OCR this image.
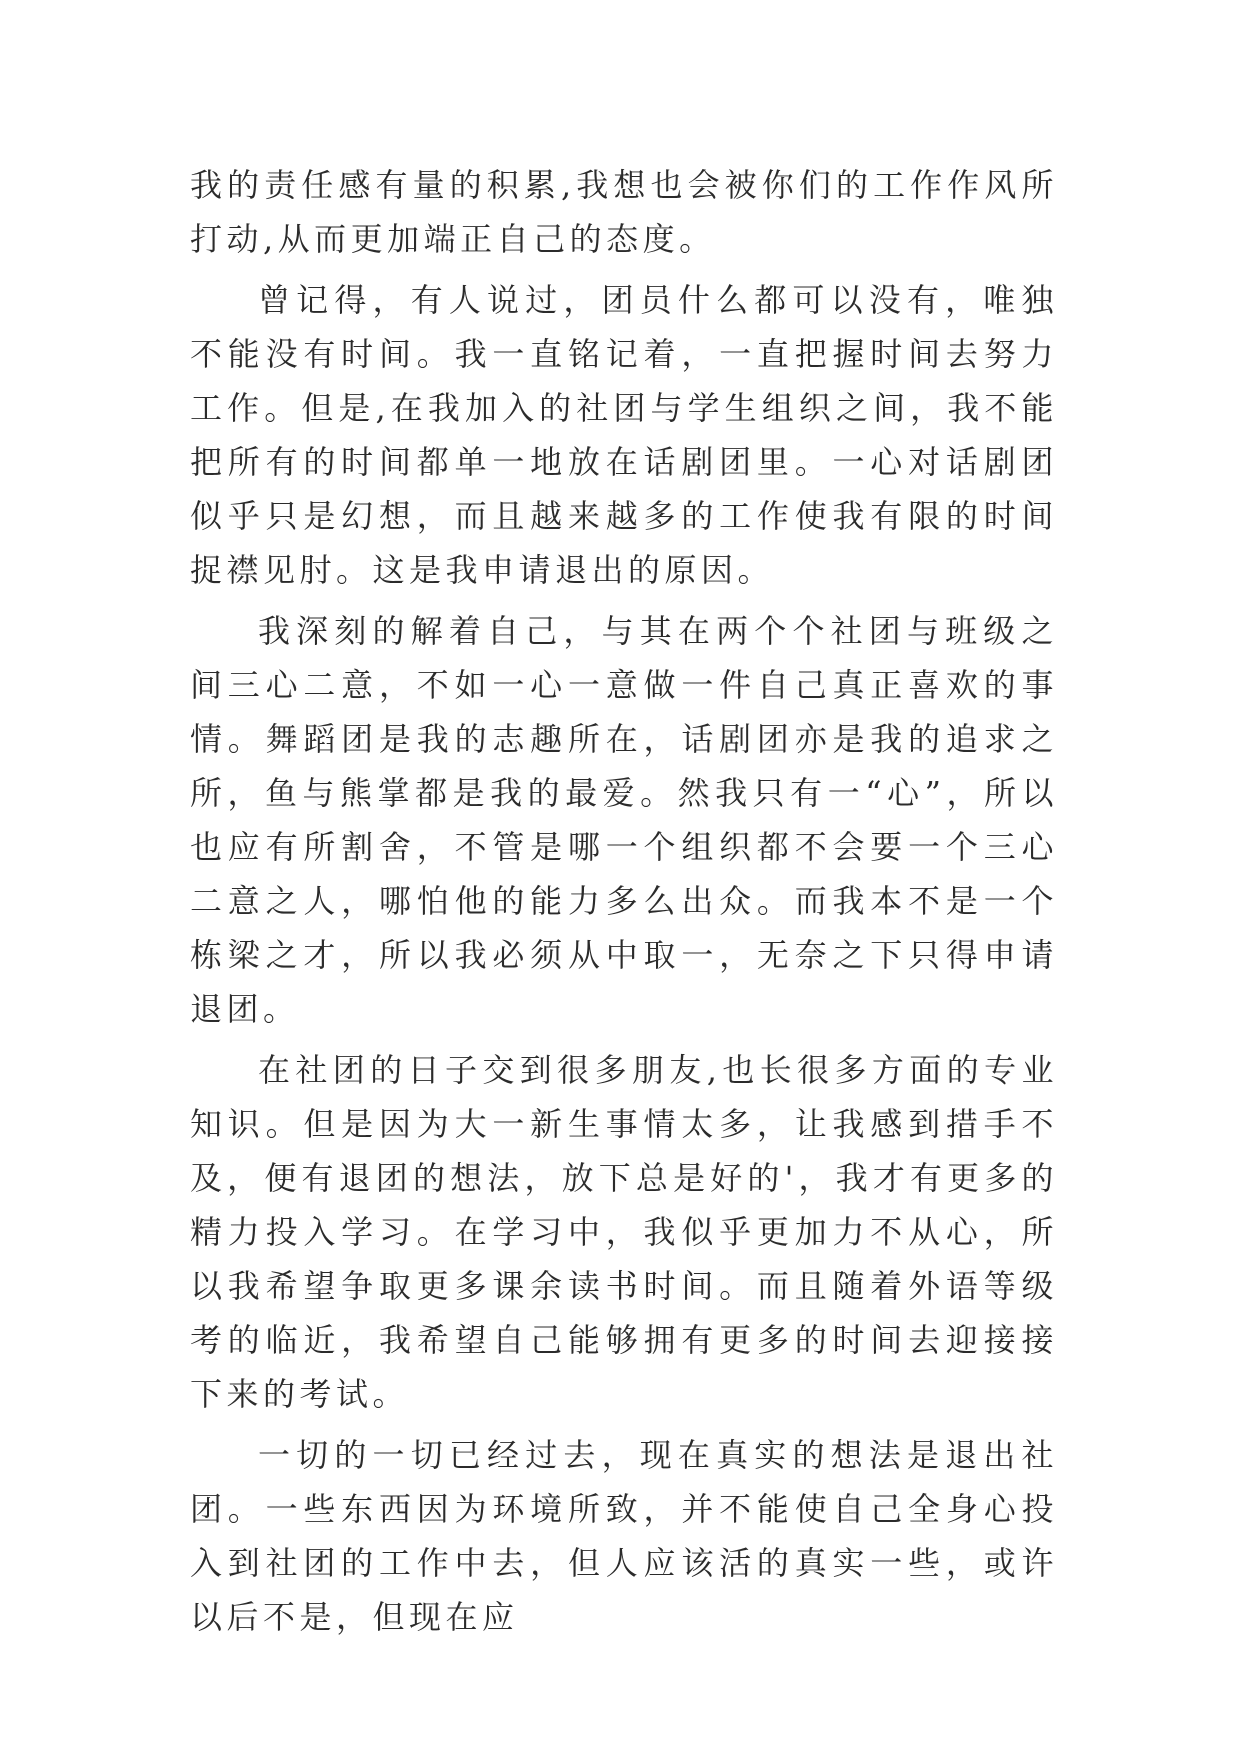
我的责任感有量的积累,我想也会被你们的工作作风所打动,从而更加端正自己的态度。

曾记得，有人说过，团员什么都可以没有，唯独不能没有时间。我一直铭记着，一直把握时间去努力工作。但是,在我加入的社团与学生组织之间，我不能把所有的时间都单一地放在话剧团里。一心对话剧团似乎只是幻想，而且越来越多的工作使我有限的时间捉襟见肘。这是我申请退出的原因。

我深刻的解着自己，与其在两个个社团与班级之间三心二意，不如一心一意做一件自己真正喜欢的事情。舞蹈团是我的志趣所在，话剧团亦是我的追求之所，鱼与熊掌都是我的最爱。然我只有一“心”，所以也应有所割舍，不管是哪一个组织都不会要一个三心二意之人，哪怕他的能力多么出众。而我本不是一个栋梁之才，所以我必须从中取一，无奈之下只得申请退团。

在社团的日子交到很多朋友,也长很多方面的专业知识。但是因为大一新生事情太多，让我感到措手不及，便有退团的想法，放下总是好的'，我才有更多的精力投入学习。在学习中，我似乎更加力不从心，所以我希望争取更多课余读书时间。而且随着外语等级考的临近，我希望自己能够拥有更多的时间去迎接接下来的考试。

一切的一切已经过去，现在真实的想法是退出社团。一些东西因为环境所致，并不能使自己全身心投入到社团的工作中去，但人应该活的真实一些，或许以后不是，但现在应
